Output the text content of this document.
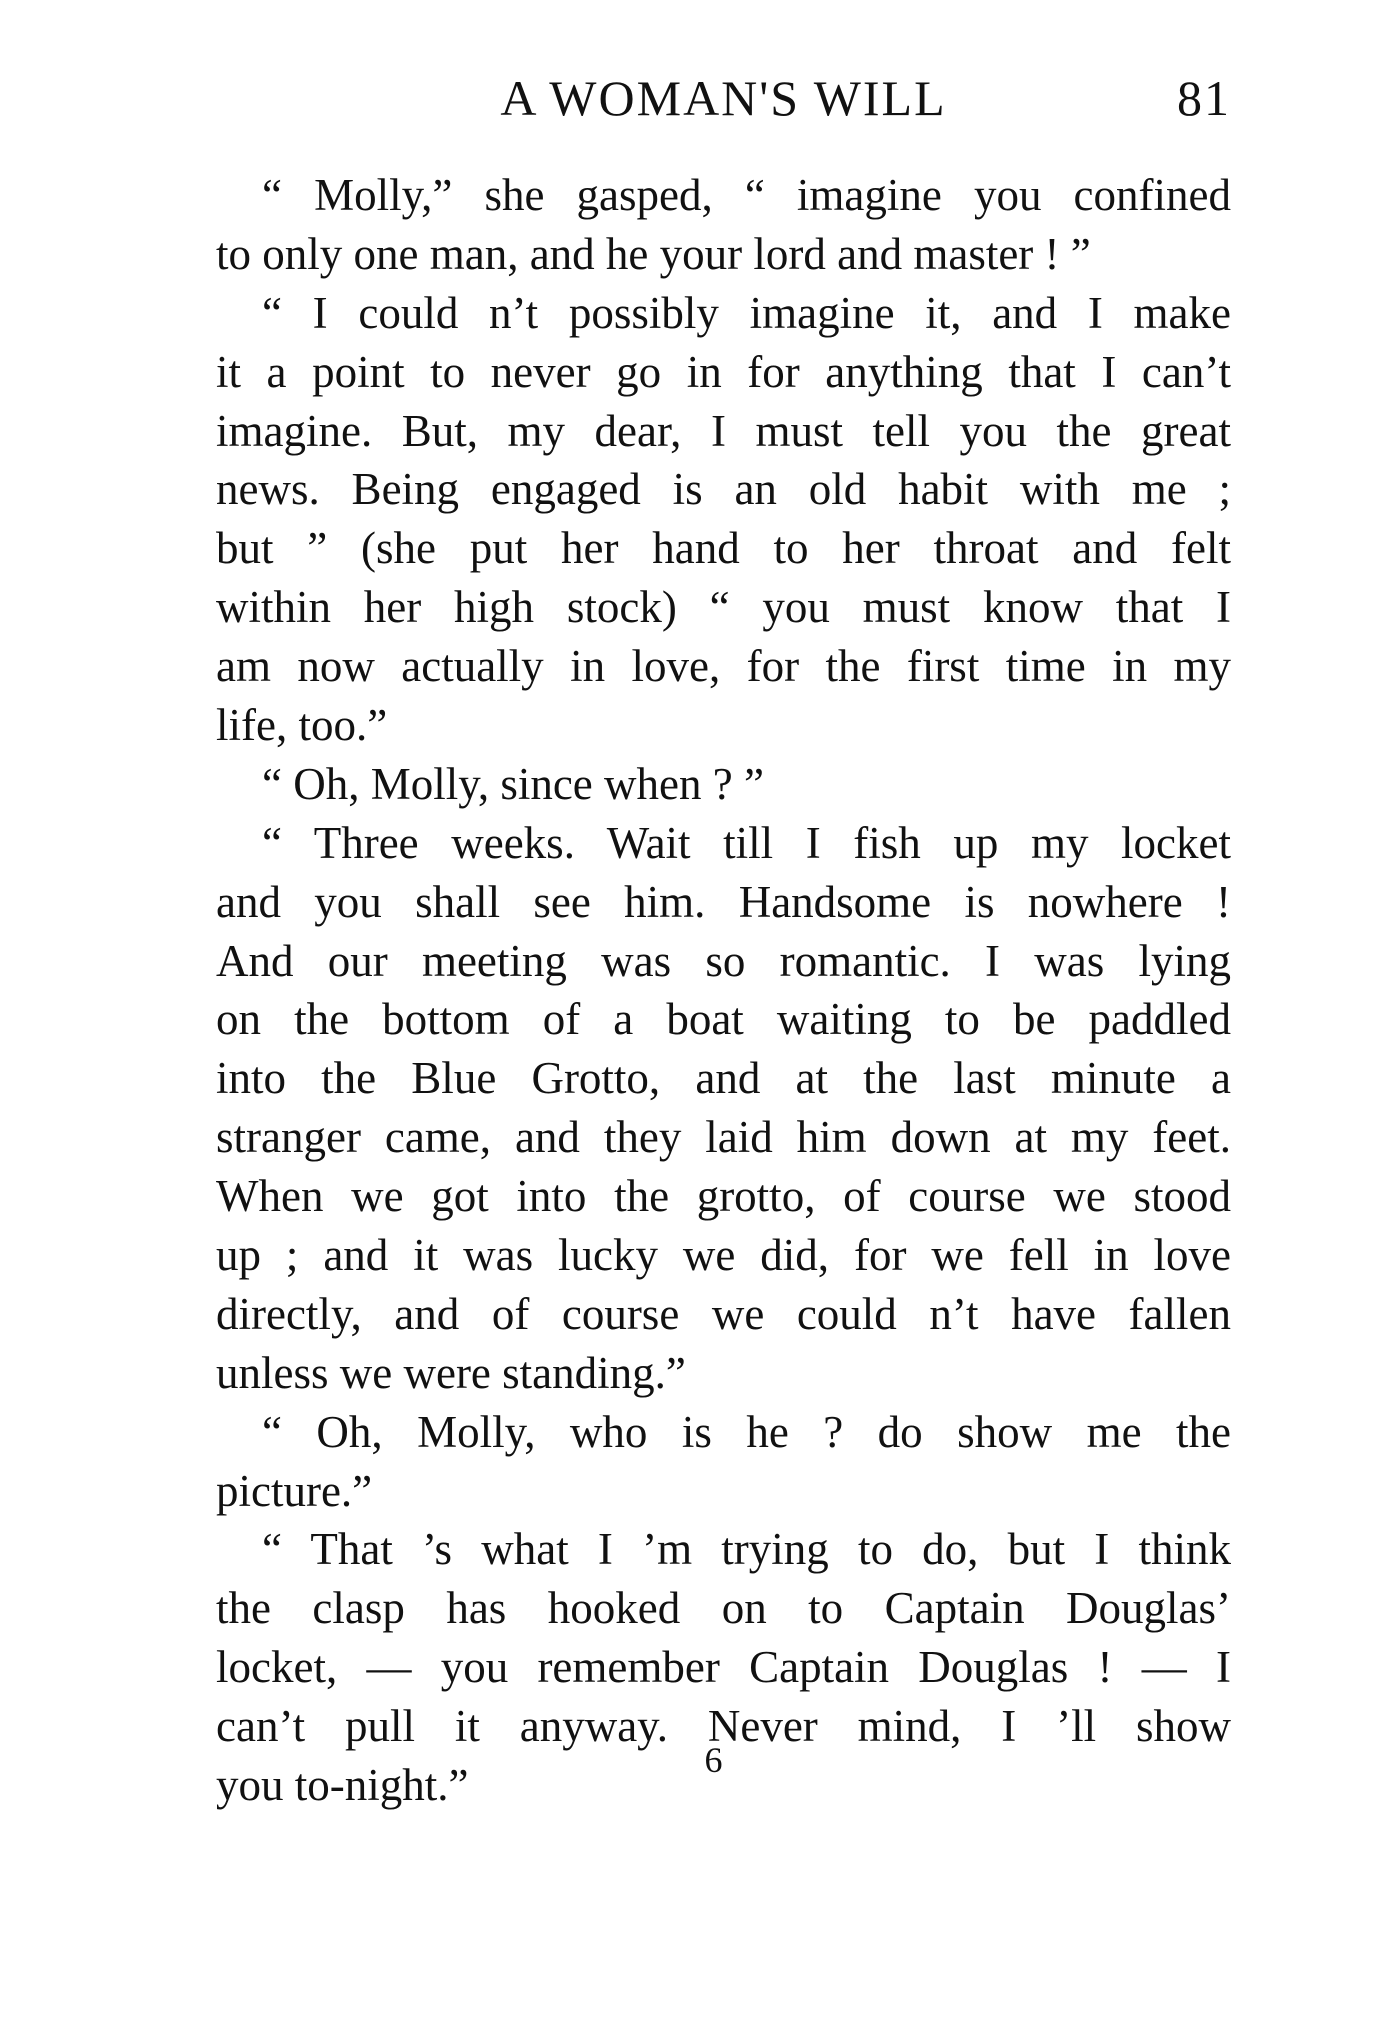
A WOMAN'S WILL	81
“ Molly,” she gasped, “ imagine you confined
to only one man, and he your lord and master ! ”
“ I could n’t possibly imagine it, and I make
it a point to never go in for anything that I can’t
imagine. But, my dear, I must tell you the great
news. Being engaged is an old habit with me ;
but ” (she put her hand to her throat and felt
within her high stock) “ you must know that I
am now actually in love, for the first time in my
life, too.”
“ Oh, Molly, since when ? ”
“ Three weeks. Wait till I fish up my locket
and you shall see him. Handsome is nowhere !
And our meeting was so romantic. I was lying
on the bottom of a boat waiting to be paddled
into the Blue Grotto, and at the last minute a
stranger came, and they laid him down at my feet.
When we got into the grotto, of course we stood
up ; and it was lucky we did, for we fell in love
directly, and of course we could n’t have fallen
unless we were standing.”
“ Oh, Molly, who is he ? do show me the
picture.”
“ That ’s what I ’m trying to do, but I think
the clasp has hooked on to Captain Douglas’
locket, — you remember Captain Douglas ! — I
can’t pull it anyway. Never mind, I ’ll show
you to-night.”
6
